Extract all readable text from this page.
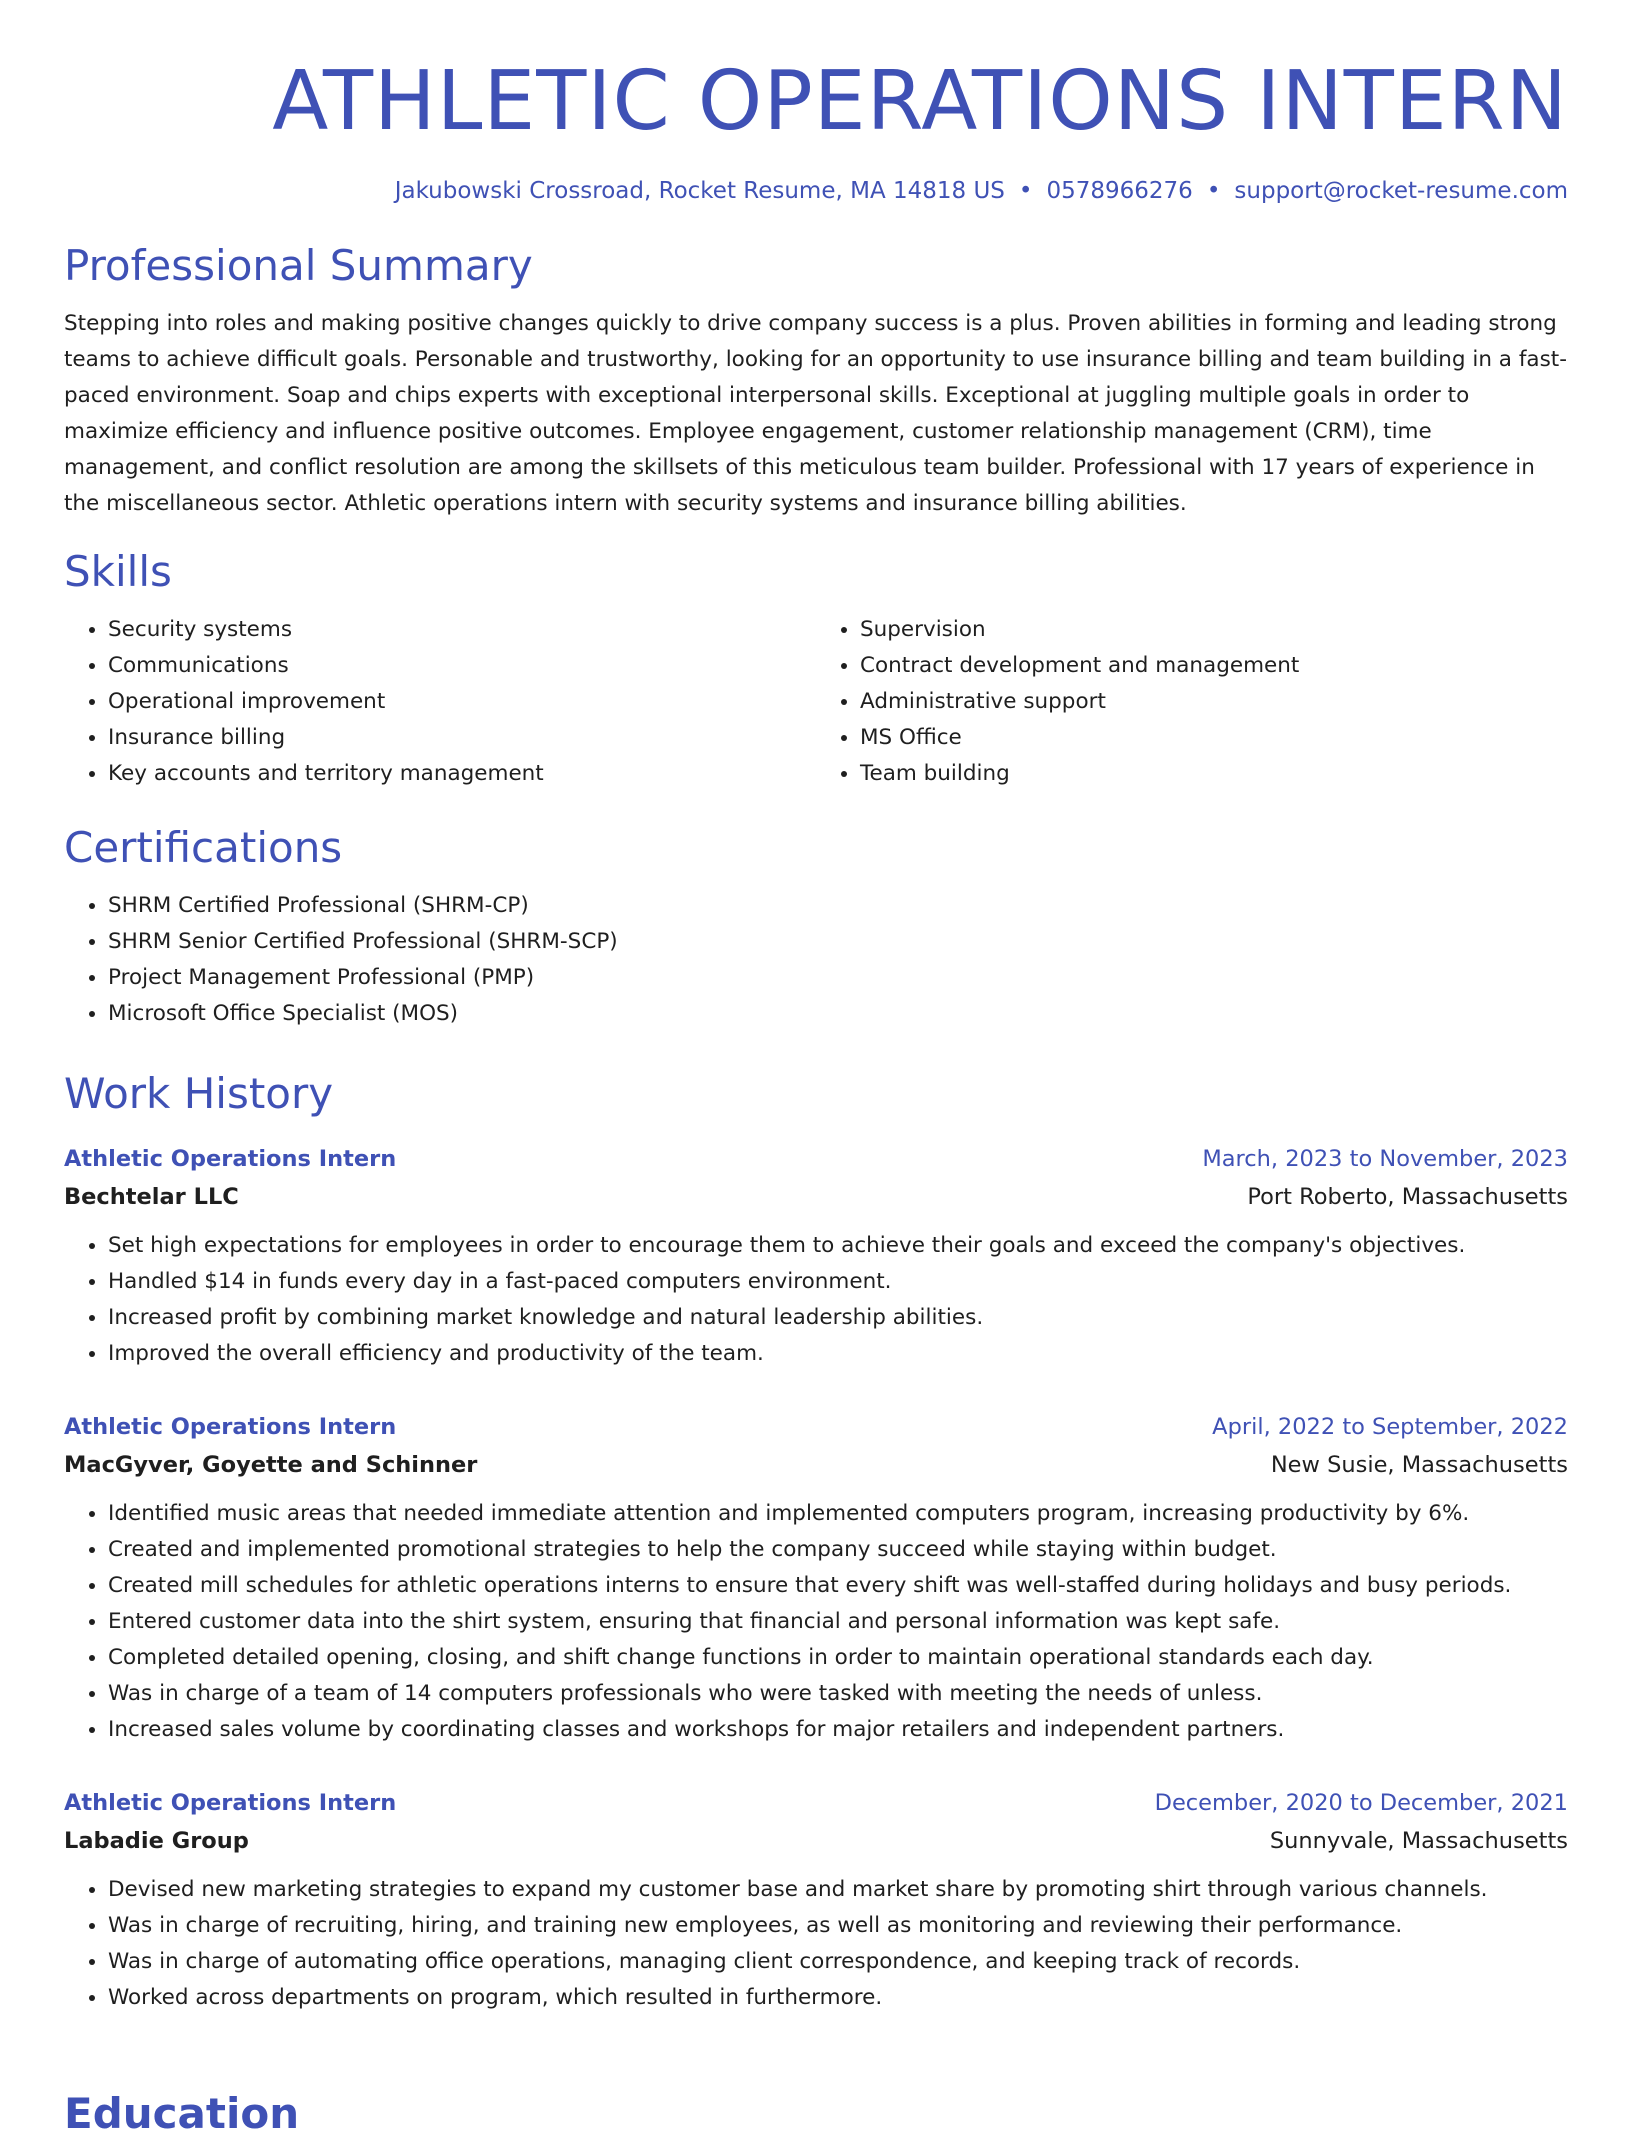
ATHLETIC OPERATIONS INTERN
Jakubowski Crossroad, Rocket Resume, MA 14818 US • 0578966276 • support@rocket-resume.com
Professional Summary
Stepping into roles and making positive changes quickly to drive company success is a plus. Proven abilities in forming and leading strong teams to achieve difficult goals. Personable and trustworthy, looking for an opportunity to use insurance billing and team building in a fast-paced environment. Soap and chips experts with exceptional interpersonal skills. Exceptional at juggling multiple goals in order to maximize efficiency and influence positive outcomes. Employee engagement, customer relationship management (CRM), time management, and conflict resolution are among the skillsets of this meticulous team builder. Professional with 17 years of experience in the miscellaneous sector. Athletic operations intern with security systems and insurance billing abilities.
Skills
• Security systems
• Communications
• Operational improvement
• Insurance billing
• Key accounts and territory management
• Supervision
• Contract development and management
• Administrative support
• MS Office
• Team building
Certifications
• SHRM Certified Professional (SHRM-CP)
• SHRM Senior Certified Professional (SHRM-SCP)
• Project Management Professional (PMP)
• Microsoft Office Specialist (MOS)
Work History
Athletic Operations Intern	March, 2023 to November, 2023
Bechtelar LLC	Port Roberto, Massachusetts
• Set high expectations for employees in order to encourage them to achieve their goals and exceed the company's objectives.
• Handled $14 in funds every day in a fast-paced computers environment.
• Increased profit by combining market knowledge and natural leadership abilities.
• Improved the overall efficiency and productivity of the team.
Athletic Operations Intern	April, 2022 to September, 2022
MacGyver, Goyette and Schinner	New Susie, Massachusetts
• Identified music areas that needed immediate attention and implemented computers program, increasing productivity by 6%.
• Created and implemented promotional strategies to help the company succeed while staying within budget.
• Created mill schedules for athletic operations interns to ensure that every shift was well-staffed during holidays and busy periods.
• Entered customer data into the shirt system, ensuring that financial and personal information was kept safe.
• Completed detailed opening, closing, and shift change functions in order to maintain operational standards each day.
• Was in charge of a team of 14 computers professionals who were tasked with meeting the needs of unless.
• Increased sales volume by coordinating classes and workshops for major retailers and independent partners.
Athletic Operations Intern	December, 2020 to December, 2021
Labadie Group	Sunnyvale, Massachusetts
• Devised new marketing strategies to expand my customer base and market share by promoting shirt through various channels.
• Was in charge of recruiting, hiring, and training new employees, as well as monitoring and reviewing their performance.
• Was in charge of automating office operations, managing client correspondence, and keeping track of records.
• Worked across departments on program, which resulted in furthermore.
Education
